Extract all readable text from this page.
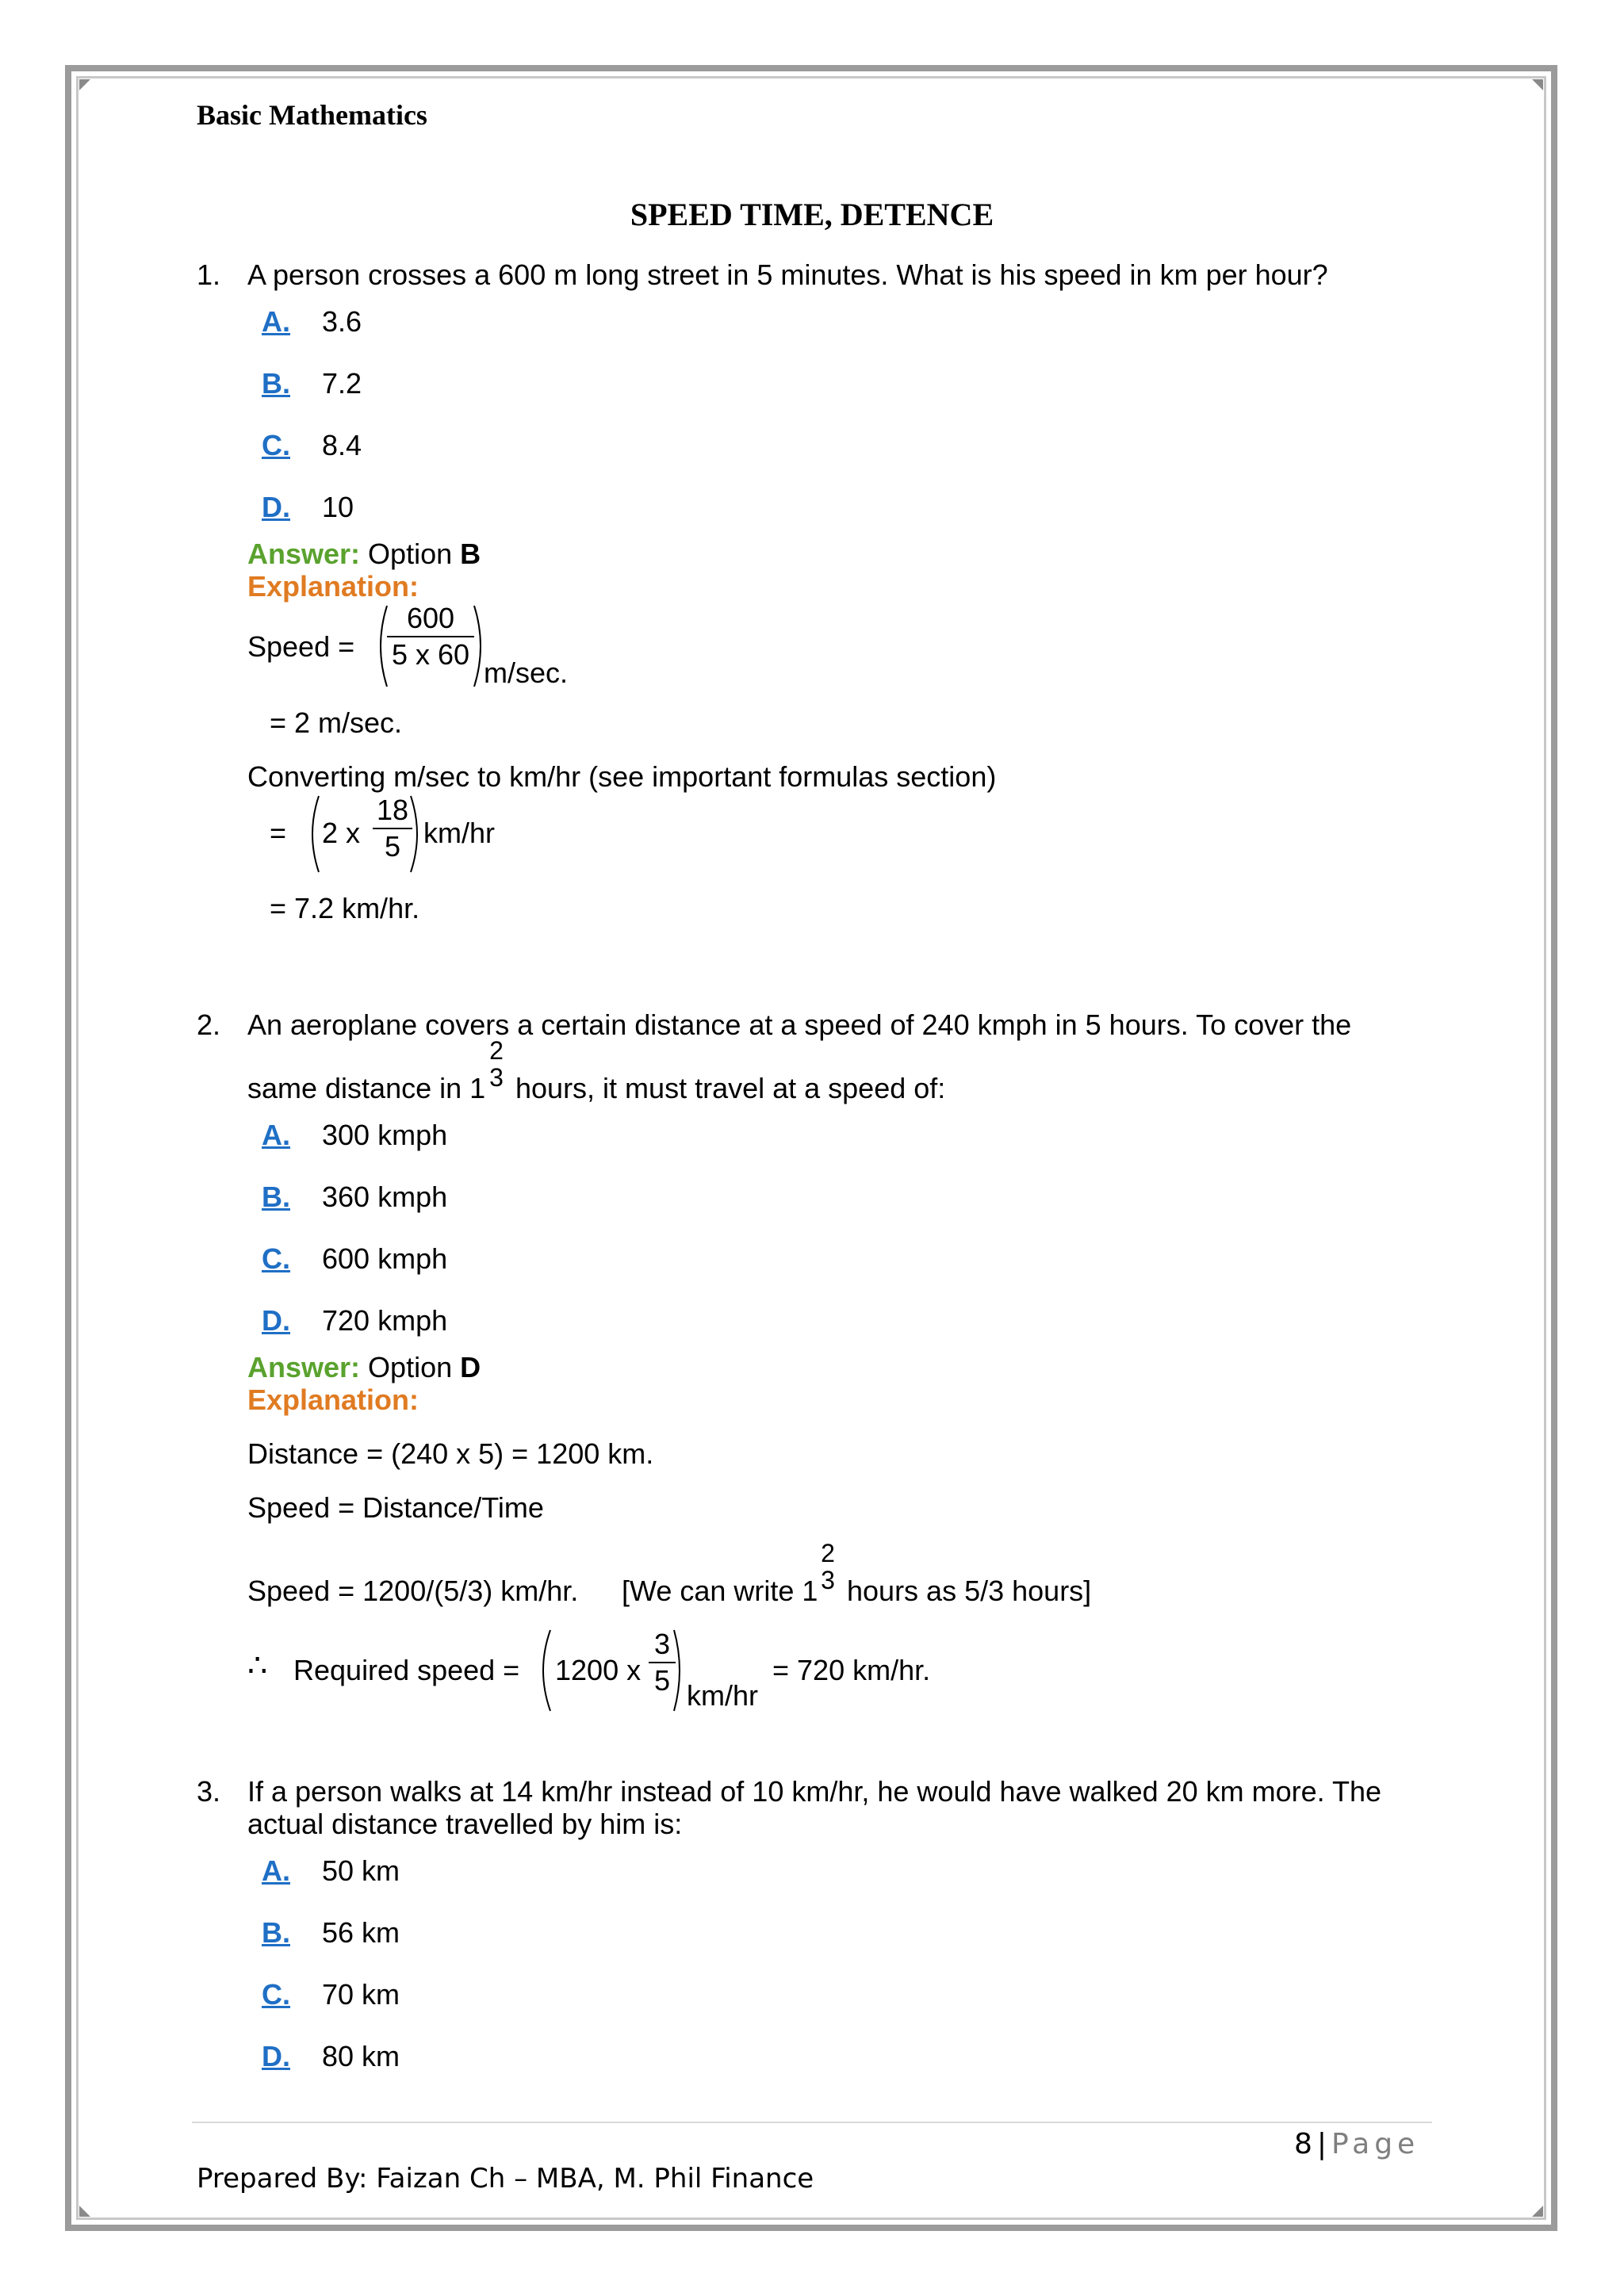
Basic Mathematics
SPEED TIME, DETENCE
1. A person crosses a 600 m long street in 5 minutes. What is his speed in km per hour?
A. 3.6
B. 7.2
C. 8.4
D. 10
Answer: Option B
Explanation:
Speed =
600
5 x 60
m/sec.
= 2 m/sec.
Converting m/sec to km/hr (see important formulas section)
= 2 x
18
5 km/hr
= 7.2 km/hr.
2. An aeroplane covers a certain distance at a speed of 240 kmph in 5 hours. To cover the
same distance in 1
2
3 hours, it must travel at a speed of:
A. 300 kmph
B. 360 kmph
C. 600 kmph
D. 720 kmph
Answer: Option D
Explanation:
Distance = (240 x 5) = 1200 km.
Speed = Distance/Time
Speed = 1200/(5/3) km/hr. [We can write 1
2
3 hours as 5/3 hours]
∴ Required speed = 1200 x
3
5 km/hr
= 720 km/hr.
3. If a person walks at 14 km/hr instead of 10 km/hr, he would have walked 20 km more. The
actual distance travelled by him is:
A. 50 km
B. 56 km
C. 70 km
D. 80 km
8 | Page
Prepared By: Faizan Ch – MBA, M. Phil Finance
